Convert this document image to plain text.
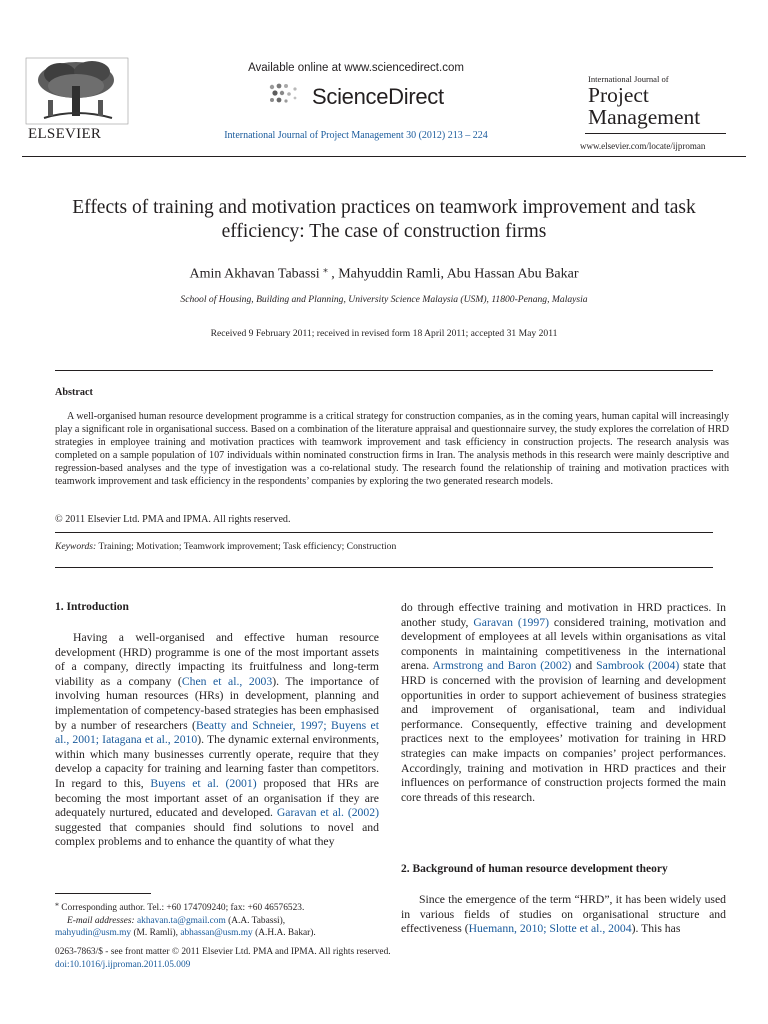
ELSEVIER
Available online at www.sciencedirect.com
ScienceDirect
International Journal of Project Management 30 (2012) 213 – 224
International Journal of
Project
Management
www.elsevier.com/locate/ijproman
Effects of training and motivation practices on teamwork improvement and task efficiency: The case of construction firms
Amin Akhavan Tabassi ⁎ , Mahyuddin Ramli, Abu Hassan Abu Bakar
School of Housing, Building and Planning, University Science Malaysia (USM), 11800-Penang, Malaysia
Received 9 February 2011; received in revised form 18 April 2011; accepted 31 May 2011
Abstract
A well-organised human resource development programme is a critical strategy for construction companies, as in the coming years, human capital will increasingly play a significant role in organisational success. Based on a combination of the literature appraisal and questionnaire survey, the study explores the correlation of HRD strategies in employee training and motivation practices with teamwork improvement and task efficiency in construction projects. The research analysis was completed on a sample population of 107 individuals within nominated construction firms in Iran. The analysis methods in this research were mainly descriptive and regression-based analyses and the type of investigation was a co-relational study. The research found the relationship of training and motivation practices with teamwork improvement and task efficiency in the respondents’ companies by exploring the two generated research models.
© 2011 Elsevier Ltd. PMA and IPMA. All rights reserved.
Keywords: Training; Motivation; Teamwork improvement; Task efficiency; Construction
1. Introduction

Having a well-organised and effective human resource development (HRD) programme is one of the most important assets of a company, directly impacting its fruitfulness and long-term viability as a company (Chen et al., 2003). The importance of involving human resources (HRs) in development, planning and implementation of competency-based strategies has been emphasised by a number of researchers (Beatty and Schneier, 1997; Buyens et al., 2001; Iatagana et al., 2010). The dynamic external environments, within which many businesses currently operate, require that they develop a capacity for training and learning faster than competitors. In regard to this, Buyens et al. (2001) proposed that HRs are becoming the most important asset of an organisation if they are adequately nurtured, educated and developed. Garavan et al. (2002) suggested that companies should find solutions to novel and complex problems and to enhance the quantity of what they

⁎ Corresponding author. Tel.: +60 174709240; fax: +60 46576523.
E-mail addresses: akhavan.ta@gmail.com (A.A. Tabassi),
mahyudin@usm.my (M. Ramli), abhassan@usm.my (A.H.A. Bakar).
0263-7863/$ - see front matter © 2011 Elsevier Ltd. PMA and IPMA. All rights reserved.
doi:10.1016/j.ijproman.2011.05.009

do through effective training and motivation in HRD practices. In another study, Garavan (1997) considered training, motivation and development of employees at all levels within organisations as vital components in maintaining competitiveness in the international arena. Armstrong and Baron (2002) and Sambrook (2004) state that HRD is concerned with the provision of learning and development opportunities in order to support achievement of business strategies and improvement of organisational, team and individual performance. Consequently, effective training and development practices next to the employees’ motivation for training in HRD strategies can make impacts on companies’ project performances. Accordingly, training and motivation in HRD practices and their influences on performance of construction projects formed the main core threads of this research.

2. Background of human resource development theory

Since the emergence of the term “HRD”, it has been widely used in various fields of studies on organisational structure and effectiveness (Huemann, 2010; Slotte et al., 2004). This has
